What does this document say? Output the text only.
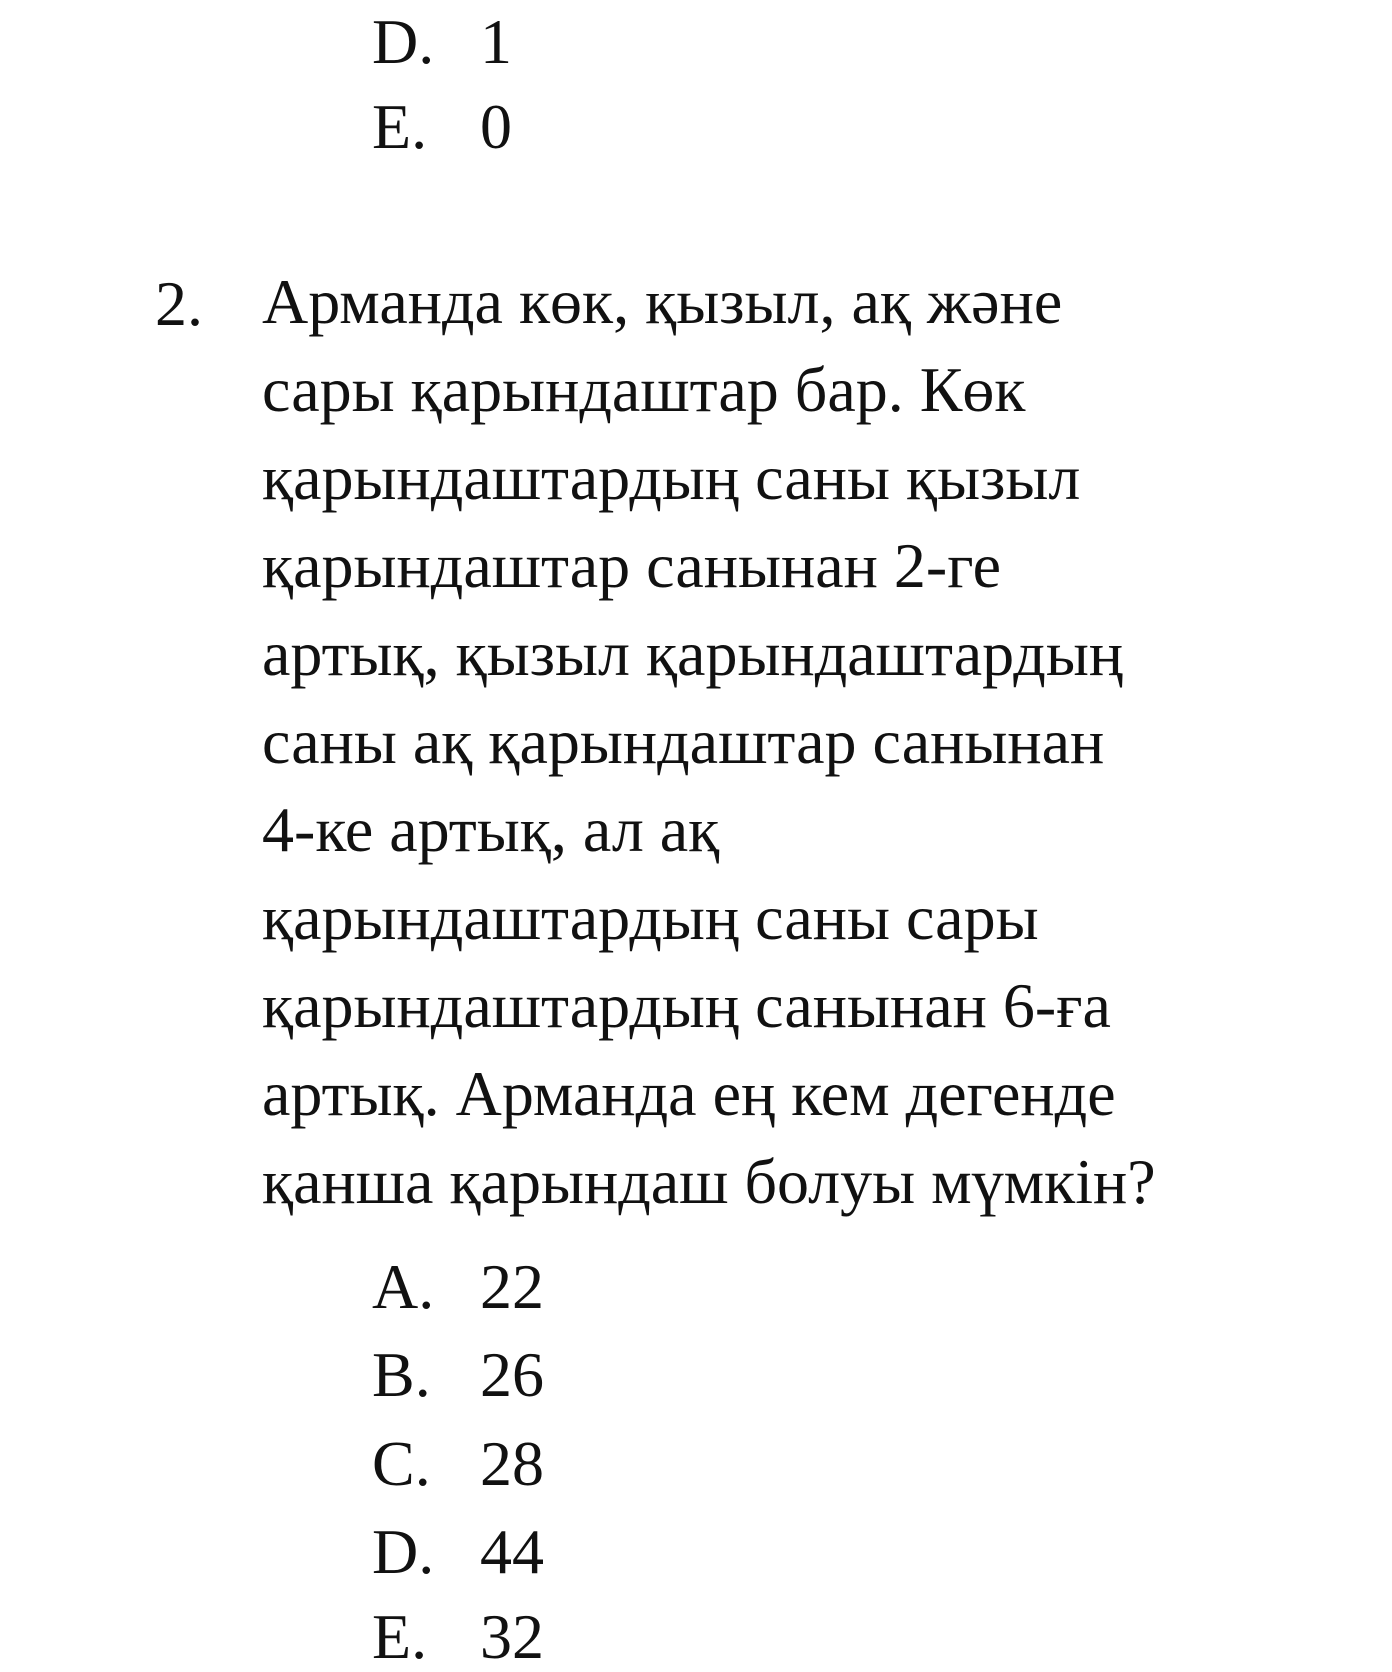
D. 1
E. 0
2. Арманда көк, қызыл, ақ және
сары қарындаштар бар. Көк
қарындаштардың саны қызыл
қарындаштар санынан 2-ге
артық, қызыл қарындаштардың
саны ақ қарындаштар санынан
4-ке артық, ал ақ
қарындаштардың саны сары
қарындаштардың санынан 6-ға
артық. Арманда ең кем дегенде
қанша қарындаш болуы мүмкін?
A. 22
B. 26
C. 28
D. 44
E. 32
